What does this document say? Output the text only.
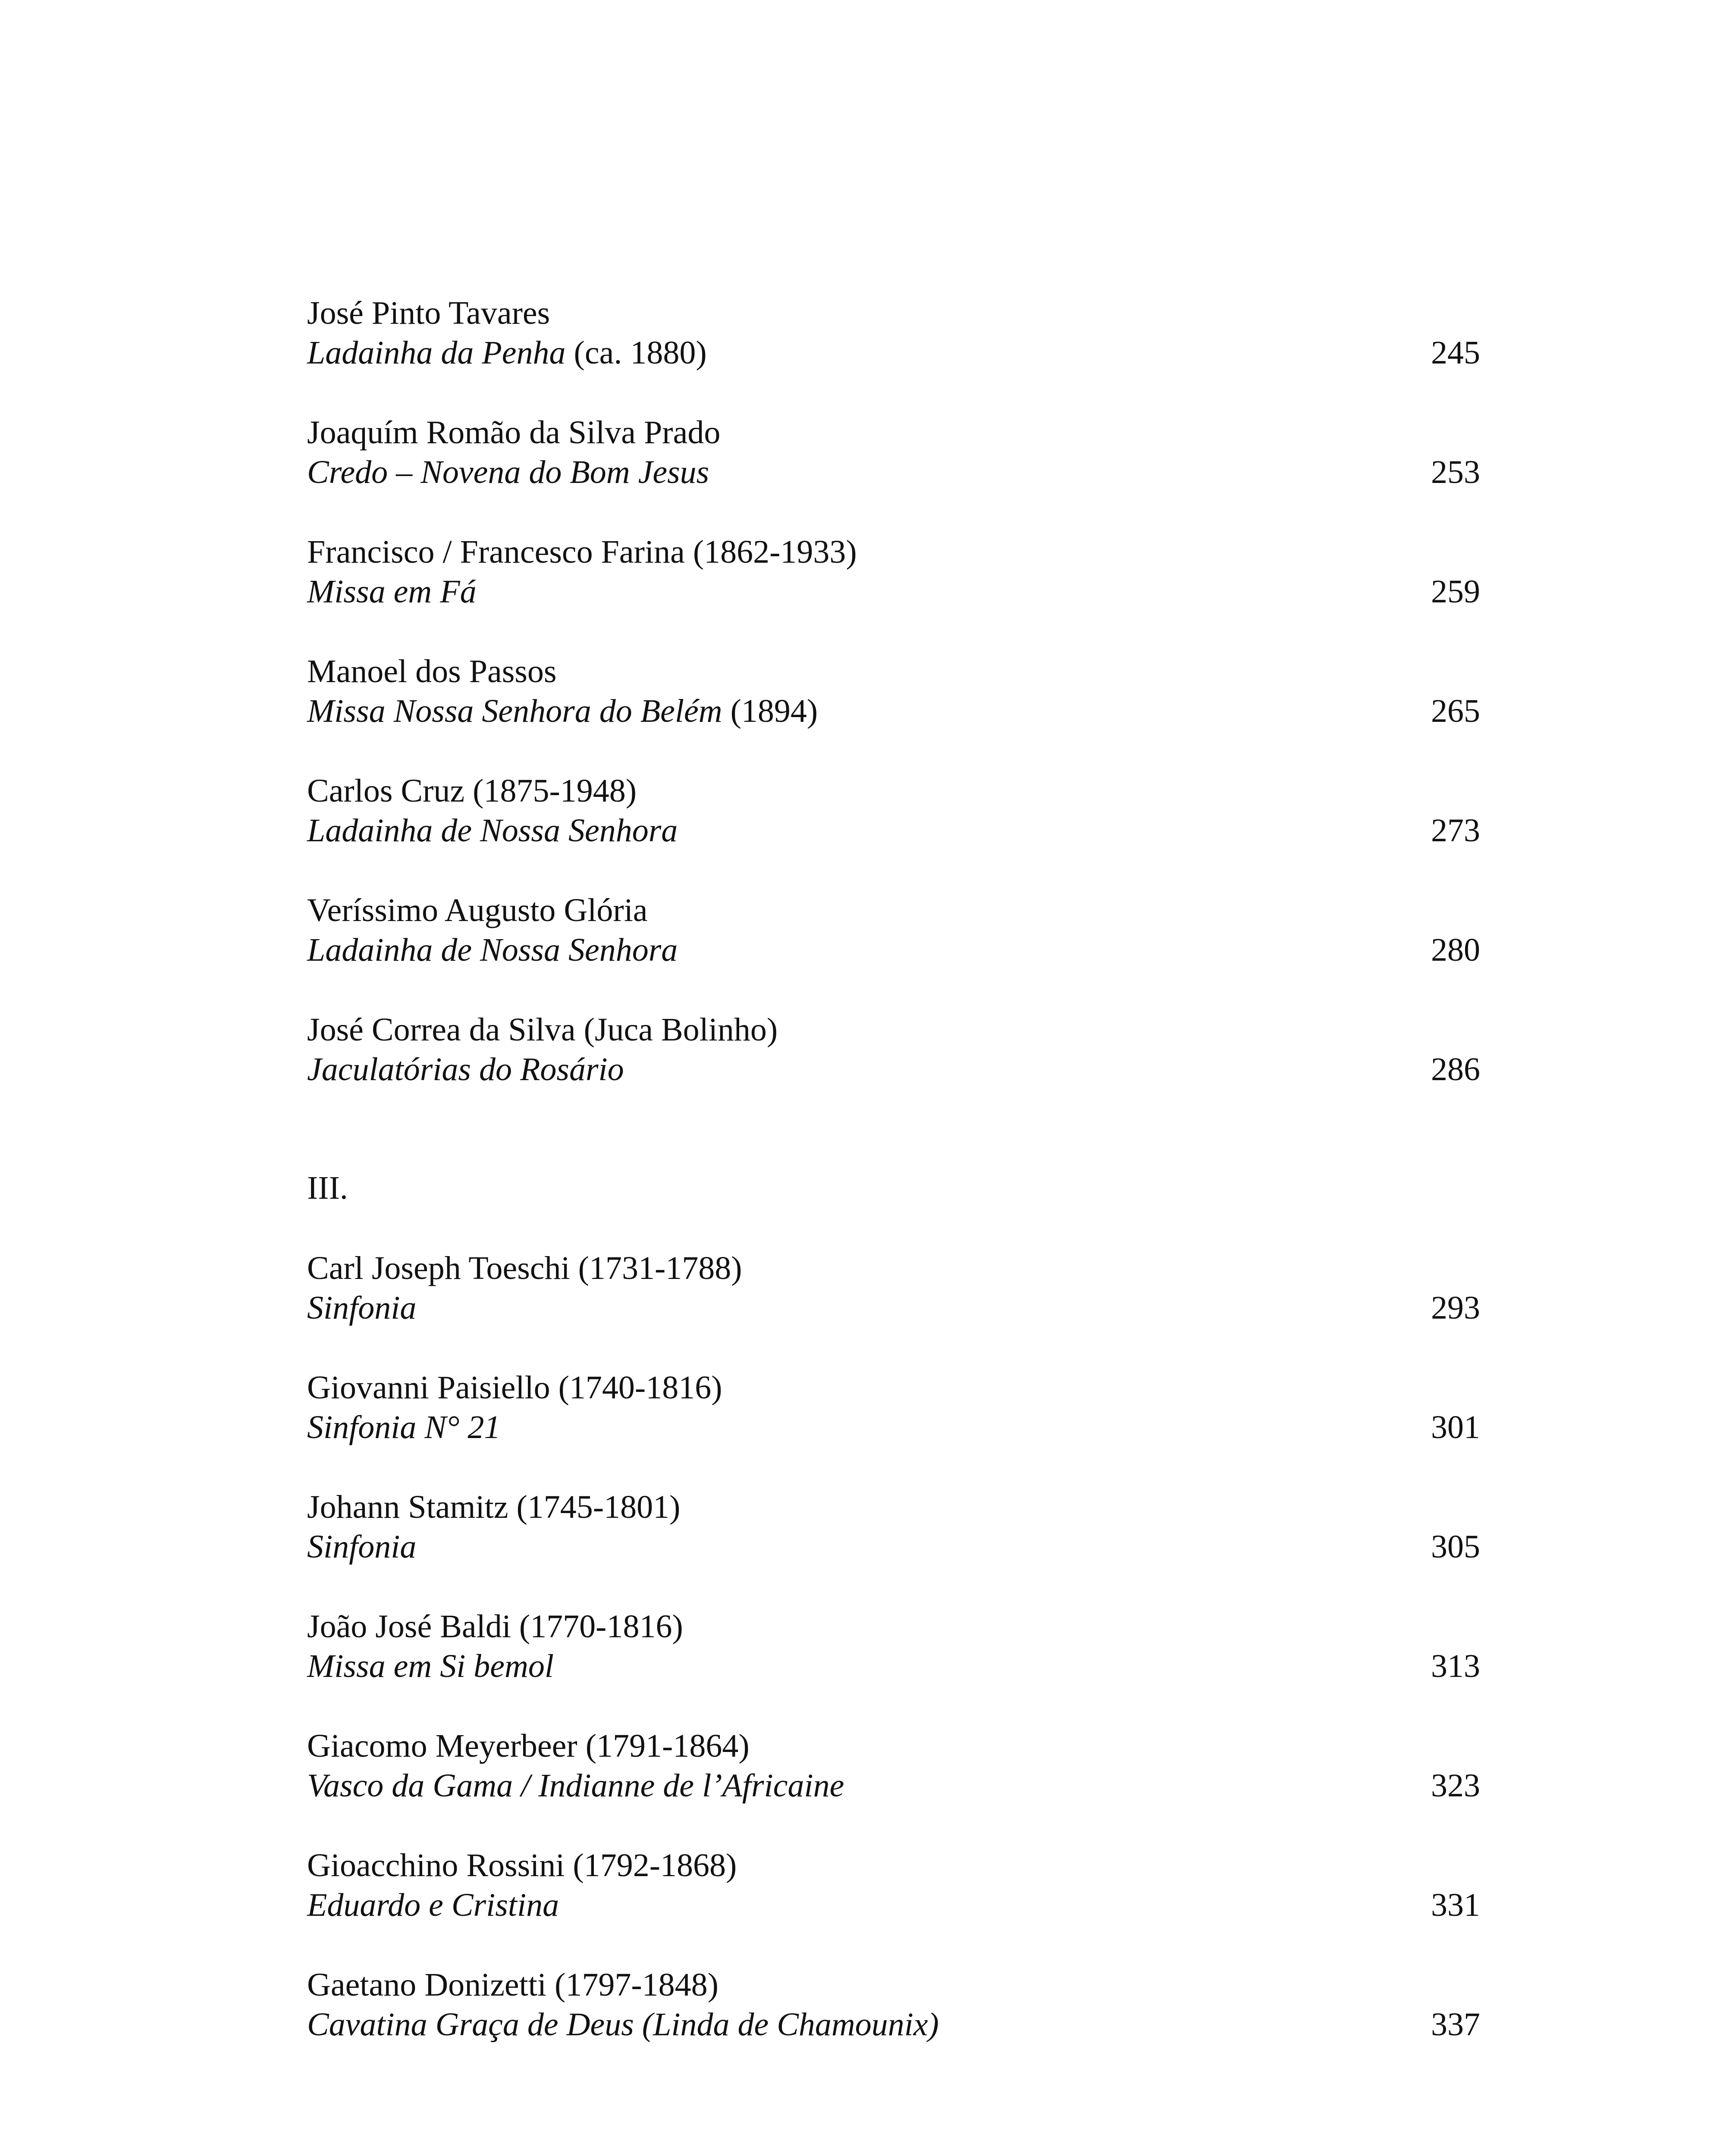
José Pinto Tavares
Ladainha da Penha (ca. 1880)	245
Joaquím Romão da Silva Prado
Credo – Novena do Bom Jesus	253
Francisco / Francesco Farina (1862-1933)
Missa em Fá	259
Manoel dos Passos
Missa Nossa Senhora do Belém (1894)	265
Carlos Cruz (1875-1948)
Ladainha de Nossa Senhora	273
Veríssimo Augusto Glória
Ladainha de Nossa Senhora	280
José Correa da Silva (Juca Bolinho)
Jaculatórias do Rosário	286
III.
Carl Joseph Toeschi (1731-1788)
Sinfonia	293
Giovanni Paisiello (1740-1816)
Sinfonia N° 21	301
Johann Stamitz (1745-1801)
Sinfonia	305
João José Baldi (1770-1816)
Missa em Si bemol	313
Giacomo Meyerbeer (1791-1864)
Vasco da Gama / Indianne de l’Africaine	323
Gioacchino Rossini (1792-1868)
Eduardo e Cristina	331
Gaetano Donizetti (1797-1848)
Cavatina Graça de Deus (Linda de Chamounix)	337
